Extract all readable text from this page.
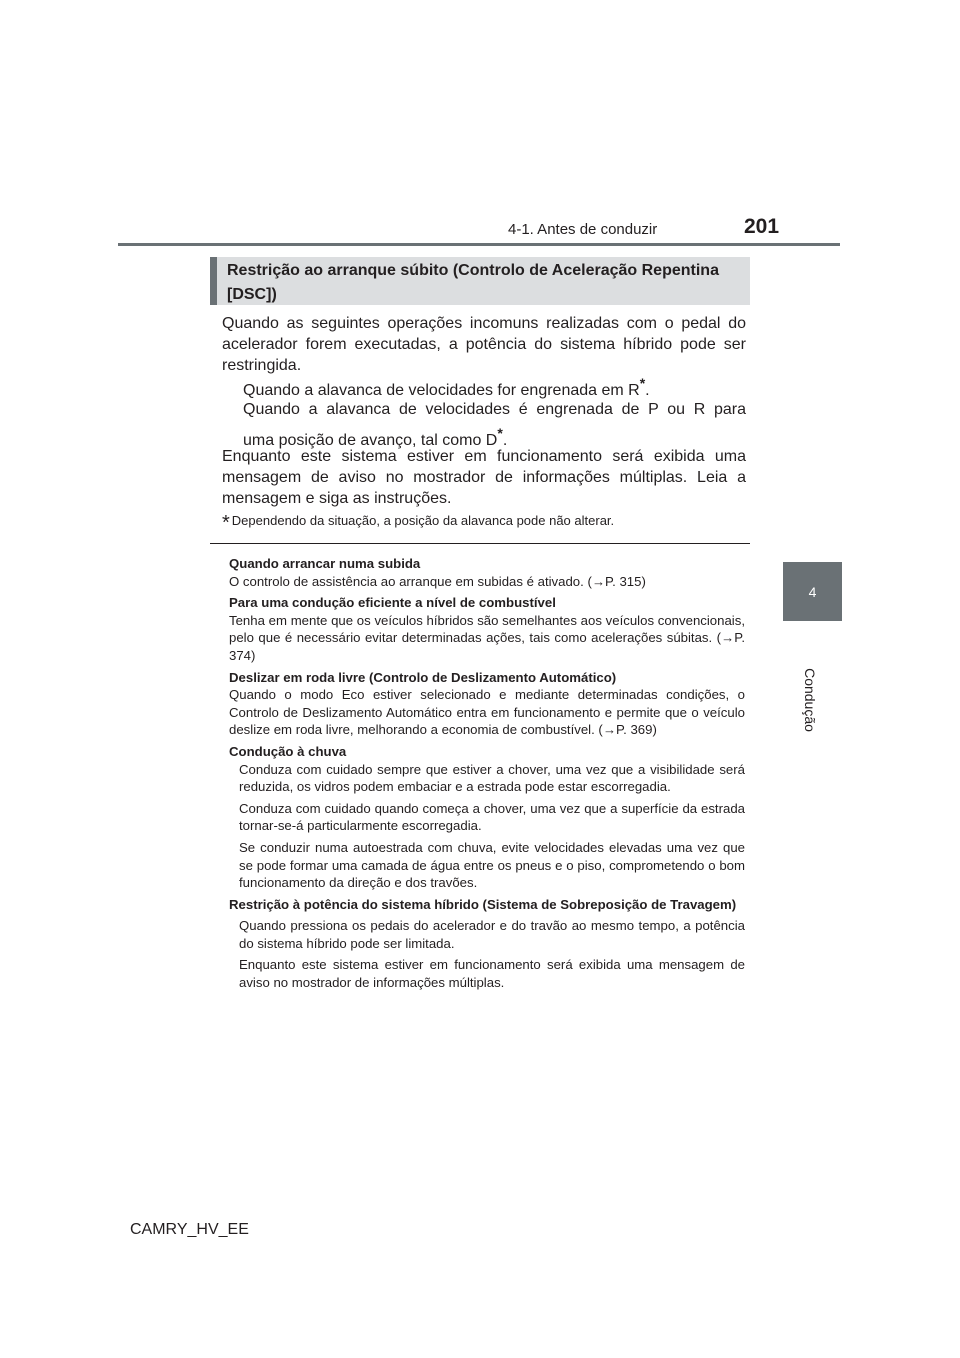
4-1. Antes de conduzir	201
4
Condução
Restrição ao arranque súbito (Controlo de Aceleração Repentina
[DSC])
Quando as seguintes operações incomuns realizadas com o pedal do
acelerador forem executadas, a potência do sistema híbrido pode ser
restringida.
Quando a alavanca de velocidades for engrenada em R*.
Quando a alavanca de velocidades é engrenada de P ou R para
uma posição de avanço, tal como D*.
Enquanto este sistema estiver em funcionamento será exibida uma
mensagem de aviso no mostrador de informações múltiplas. Leia a
mensagem e siga as instruções.
* Dependendo da situação, a posição da alavanca pode não alterar.
Quando arrancar numa subida
O controlo de assistência ao arranque em subidas é ativado. (→P. 315)
Para uma condução eficiente a nível de combustível
Tenha em mente que os veículos híbridos são semelhantes aos veículos convencionais, pelo que é necessário evitar determinadas ações, tais como acelerações súbitas. (→P. 374)
Deslizar em roda livre (Controlo de Deslizamento Automático)
Quando o modo Eco estiver selecionado e mediante determinadas condições, o Controlo de Deslizamento Automático entra em funcionamento e permite que o veículo deslize em roda livre, melhorando a economia de combustível. (→P. 369)
Condução à chuva
Conduza com cuidado sempre que estiver a chover, uma vez que a visibilidade será reduzida, os vidros podem embaciar e a estrada pode estar escorregadia.
Conduza com cuidado quando começa a chover, uma vez que a superfície da estrada tornar-se-á particularmente escorregadia.
Se conduzir numa autoestrada com chuva, evite velocidades elevadas uma vez que se pode formar uma camada de água entre os pneus e o piso, comprometendo o bom funcionamento da direção e dos travões.
Restrição à potência do sistema híbrido (Sistema de Sobreposição de Travagem)
Quando pressiona os pedais do acelerador e do travão ao mesmo tempo, a potência do sistema híbrido pode ser limitada.
Enquanto este sistema estiver em funcionamento será exibida uma mensagem de aviso no mostrador de informações múltiplas.
CAMRY_HV_EE
